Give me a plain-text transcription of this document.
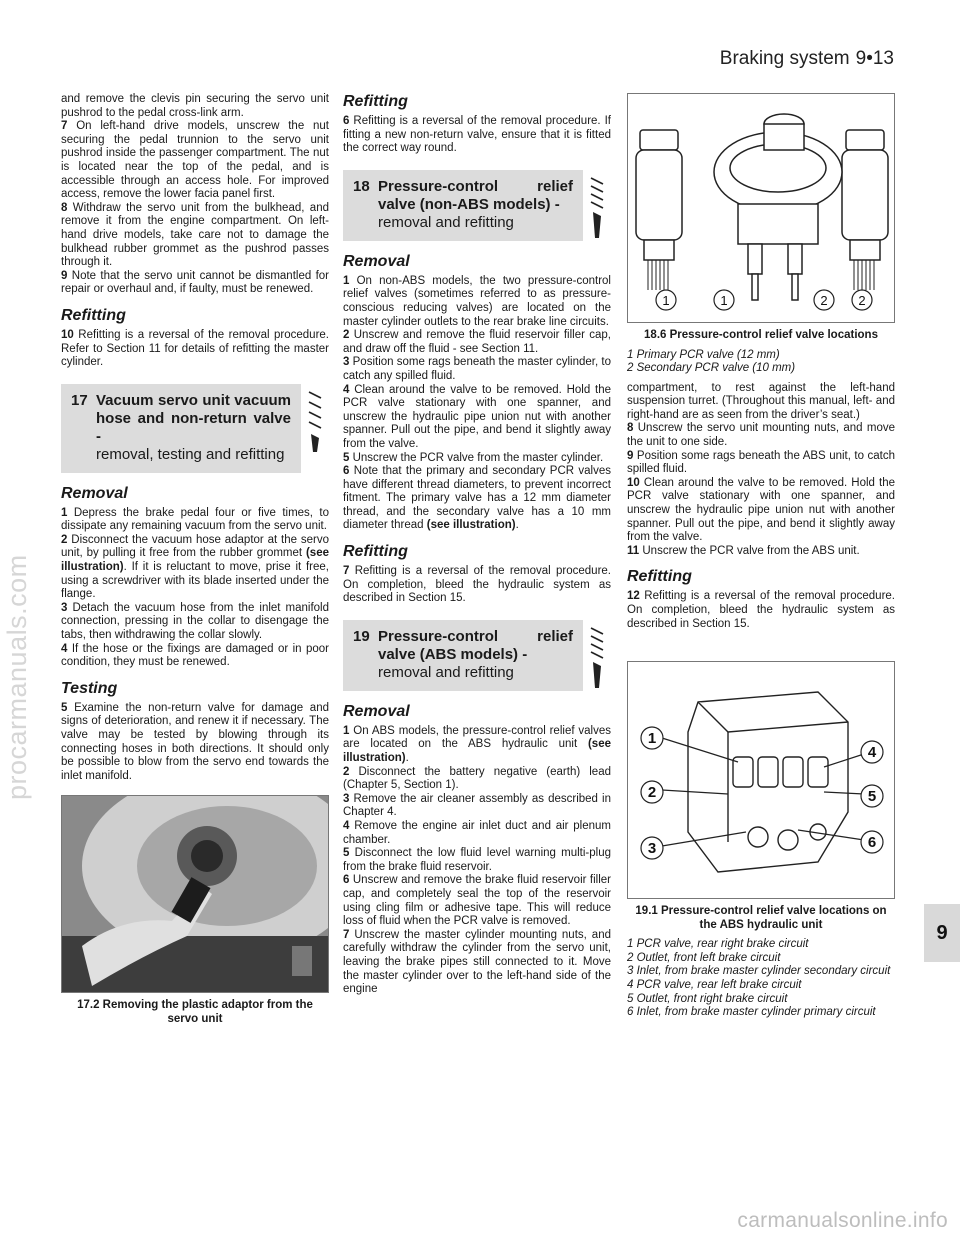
Braking system 9•13
procarmanuals.com
9
carmanualsonline.info

and remove the clevis pin securing the servo unit pushrod to the pedal cross-link arm.

7 On left-hand drive models, unscrew the nut securing the pedal trunnion to the servo unit pushrod inside the passenger compartment. The nut is located near the top of the pedal, and is accessible through an access hole. For improved access, remove the lower facia panel first.

8 Withdraw the servo unit from the bulkhead, and remove it from the engine compartment. On left-hand drive models, take care not to damage the bulkhead rubber grommet as the pushrod passes through it.

9 Note that the servo unit cannot be dismantled for repair or overhaul and, if faulty, must be renewed.

Refitting

10 Refitting is a reversal of the removal procedure. Refer to Section 11 for details of refitting the master cylinder.

17 Vacuum servo unit vacuum hose and non-return valve -
removal, testing and refitting
Removal

1 Depress the brake pedal four or five times, to dissipate any remaining vacuum from the servo unit.

2 Disconnect the vacuum hose adaptor at the servo unit, by pulling it free from the rubber grommet (see illustration). If it is reluctant to move, prise it free, using a screwdriver with its blade inserted under the flange.

3 Detach the vacuum hose from the inlet manifold connection, pressing in the collar to disengage the tabs, then withdrawing the collar slowly.

4 If the hose or the fixings are damaged or in poor condition, they must be renewed.

Testing

5 Examine the non-return valve for damage and signs of deterioration, and renew it if necessary. The valve may be tested by blowing through its connecting hoses in both directions. It should only be possible to blow from the servo end towards the inlet manifold.

17.2 Removing the plastic adaptor from the servo unit
Refitting

6 Refitting is a reversal of the removal procedure. If fitting a new non-return valve, ensure that it is fitted the correct way round.

18 Pressure-control relief valve (non-ABS models) -
removal and refitting
Removal

1 On non-ABS models, the two pressure-control relief valves (sometimes referred to as pressure-conscious reducing valves) are located on the master cylinder outlets to the rear brake line circuits.

2 Unscrew and remove the fluid reservoir filler cap, and draw off the fluid - see Section 11.

3 Position some rags beneath the master cylinder, to catch any spilled fluid.

4 Clean around the valve to be removed. Hold the PCR valve stationary with one spanner, and unscrew the hydraulic pipe union nut with another spanner. Pull out the pipe, and bend it slightly away from the valve.

5 Unscrew the PCR valve from the master cylinder.

6 Note that the primary and secondary PCR valves have different thread diameters, to prevent incorrect fitment. The primary valve has a 12 mm diameter thread, and the secondary valve has a 10 mm diameter thread (see illustration).

Refitting

7 Refitting is a reversal of the removal procedure. On completion, bleed the hydraulic system as described in Section 15.

19 Pressure-control relief valve (ABS models) -
removal and refitting
Removal

1 On ABS models, the pressure-control relief valves are located on the ABS hydraulic unit (see illustration).

2 Disconnect the battery negative (earth) lead (Chapter 5, Section 1).

3 Remove the air cleaner assembly as described in Chapter 4.

4 Remove the engine air inlet duct and air plenum chamber.

5 Disconnect the low fluid level warning multi-plug from the brake fluid reservoir.

6 Unscrew and remove the brake fluid reservoir filler cap, and completely seal the top of the reservoir using cling film or adhesive tape. This will reduce loss of fluid when the PCR valve is removed.

7 Unscrew the master cylinder mounting nuts, and carefully withdraw the cylinder from the servo unit, leaving the brake pipes still connected to it. Move the master cylinder over to the left-hand side of the engine

1	1	2 2
18.6 Pressure-control relief valve locations
1 Primary PCR valve (12 mm)
2 Secondary PCR valve (10 mm)

compartment, to rest against the left-hand suspension turret. (Throughout this manual, left- and right-hand are as seen from the driver’s seat.)

8 Unscrew the servo unit mounting nuts, and move the unit to one side.

9 Position some rags beneath the ABS unit, to catch spilled fluid.

10 Clean around the valve to be removed. Hold the PCR valve stationary with one spanner, and unscrew the hydraulic pipe union nut with another spanner. Pull out the pipe, and bend it slightly away from the valve.

11 Unscrew the PCR valve from the ABS unit.

Refitting

12 Refitting is a reversal of the removal procedure. On completion, bleed the hydraulic system as described in Section 15.

1
2
3
4
5
6
19.1 Pressure-control relief valve locations on the ABS hydraulic unit
1 PCR valve, rear right brake circuit
2 Outlet, front left brake circuit
3 Inlet, from brake master cylinder secondary circuit
4 PCR valve, rear left brake circuit
5 Outlet, front right brake circuit
6 Inlet, from brake master cylinder primary circuit
